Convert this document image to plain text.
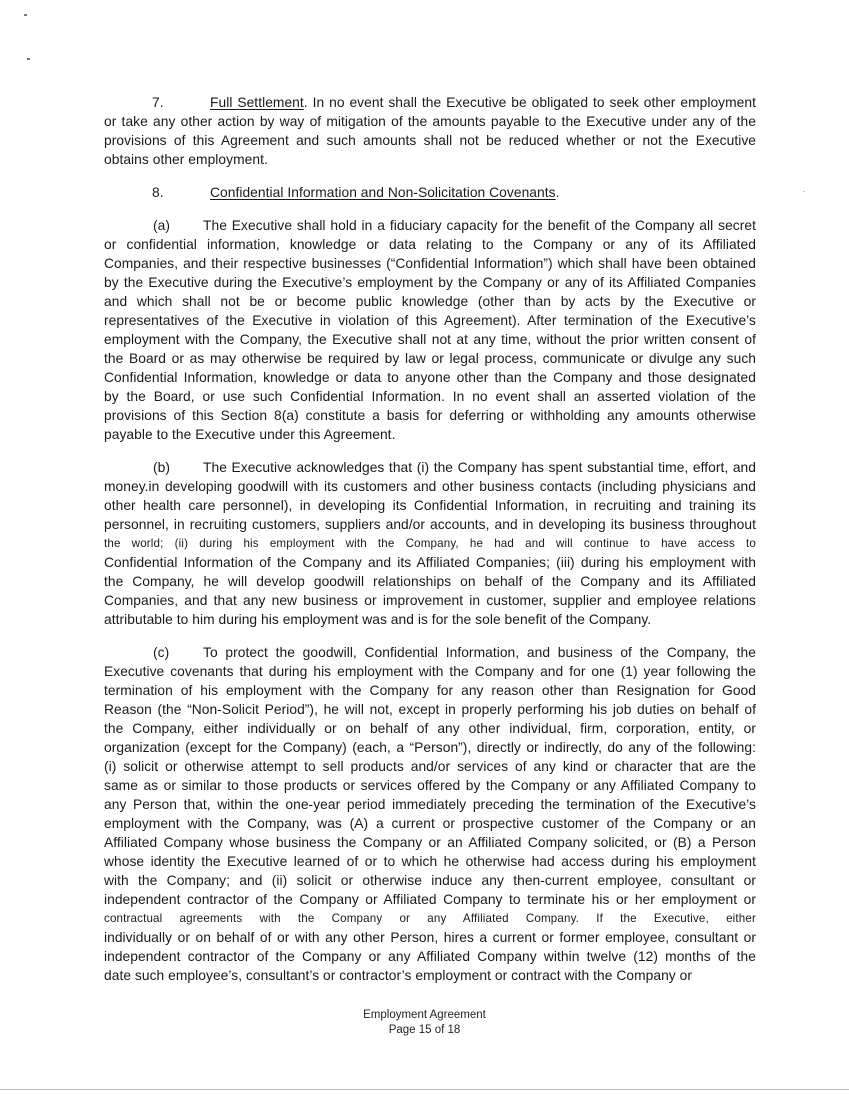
7.	Full Settlement. In no event shall the Executive be obligated to seek other employment
or take any other action by way of mitigation of the amounts payable to the Executive under any of the
provisions of this Agreement and such amounts shall not be reduced whether or not the Executive
obtains other employment.
8.	Confidential Information and Non-Solicitation Covenants.
(a) The Executive shall hold in a fiduciary capacity for the benefit of the Company all secret
or confidential information, knowledge or data relating to the Company or any of its Affiliated
Companies, and their respective businesses (“Confidential Information”) which shall have been obtained
by the Executive during the Executive’s employment by the Company or any of its Affiliated Companies
and which shall not be or become public knowledge (other than by acts by the Executive or
representatives of the Executive in violation of this Agreement). After termination of the Executive’s
employment with the Company, the Executive shall not at any time, without the prior written consent of
the Board or as may otherwise be required by law or legal process, communicate or divulge any such
Confidential Information, knowledge or data to anyone other than the Company and those designated
by the Board, or use such Confidential Information. In no event shall an asserted violation of the
provisions of this Section 8(a) constitute a basis for deferring or withholding any amounts otherwise
payable to the Executive under this Agreement.
(b) The Executive acknowledges that (i) the Company has spent substantial time, effort, and
money.in developing goodwill with its customers and other business contacts (including physicians and
other health care personnel), in developing its Confidential Information, in recruiting and training its
personnel, in recruiting customers, suppliers and/or accounts, and in developing its business throughout
the world; (ii) during his employment with the Company, he had and will continue to have access to
Confidential Information of the Company and its Affiliated Companies; (iii) during his employment with
the Company, he will develop goodwill relationships on behalf of the Company and its Affiliated
Companies, and that any new business or improvement in customer, supplier and employee relations
attributable to him during his employment was and is for the sole benefit of the Company.
(c) To protect the goodwill, Confidential Information, and business of the Company, the
Executive covenants that during his employment with the Company and for one (1) year following the
termination of his employment with the Company for any reason other than Resignation for Good
Reason (the “Non-Solicit Period”), he will not, except in properly performing his job duties on behalf of
the Company, either individually or on behalf of any other individual, firm, corporation, entity, or
organization (except for the Company) (each, a “Person”), directly or indirectly, do any of the following:
(i) solicit or otherwise attempt to sell products and/or services of any kind or character that are the
same as or similar to those products or services offered by the Company or any Affiliated Company to
any Person that, within the one-year period immediately preceding the termination of the Executive’s
employment with the Company, was (A) a current or prospective customer of the Company or an
Affiliated Company whose business the Company or an Affiliated Company solicited, or (B) a Person
whose identity the Executive learned of or to which he otherwise had access during his employment
with the Company; and (ii) solicit or otherwise induce any then-current employee, consultant or
independent contractor of the Company or Affiliated Company to terminate his or her employment or
contractual agreements with the Company or any Affiliated Company. If the Executive, either
individually or on behalf of or with any other Person, hires a current or former employee, consultant or
independent contractor of the Company or any Affiliated Company within twelve (12) months of the
date such employee’s, consultant’s or contractor’s employment or contract with the Company or
Employment Agreement
Page 15 of 18
